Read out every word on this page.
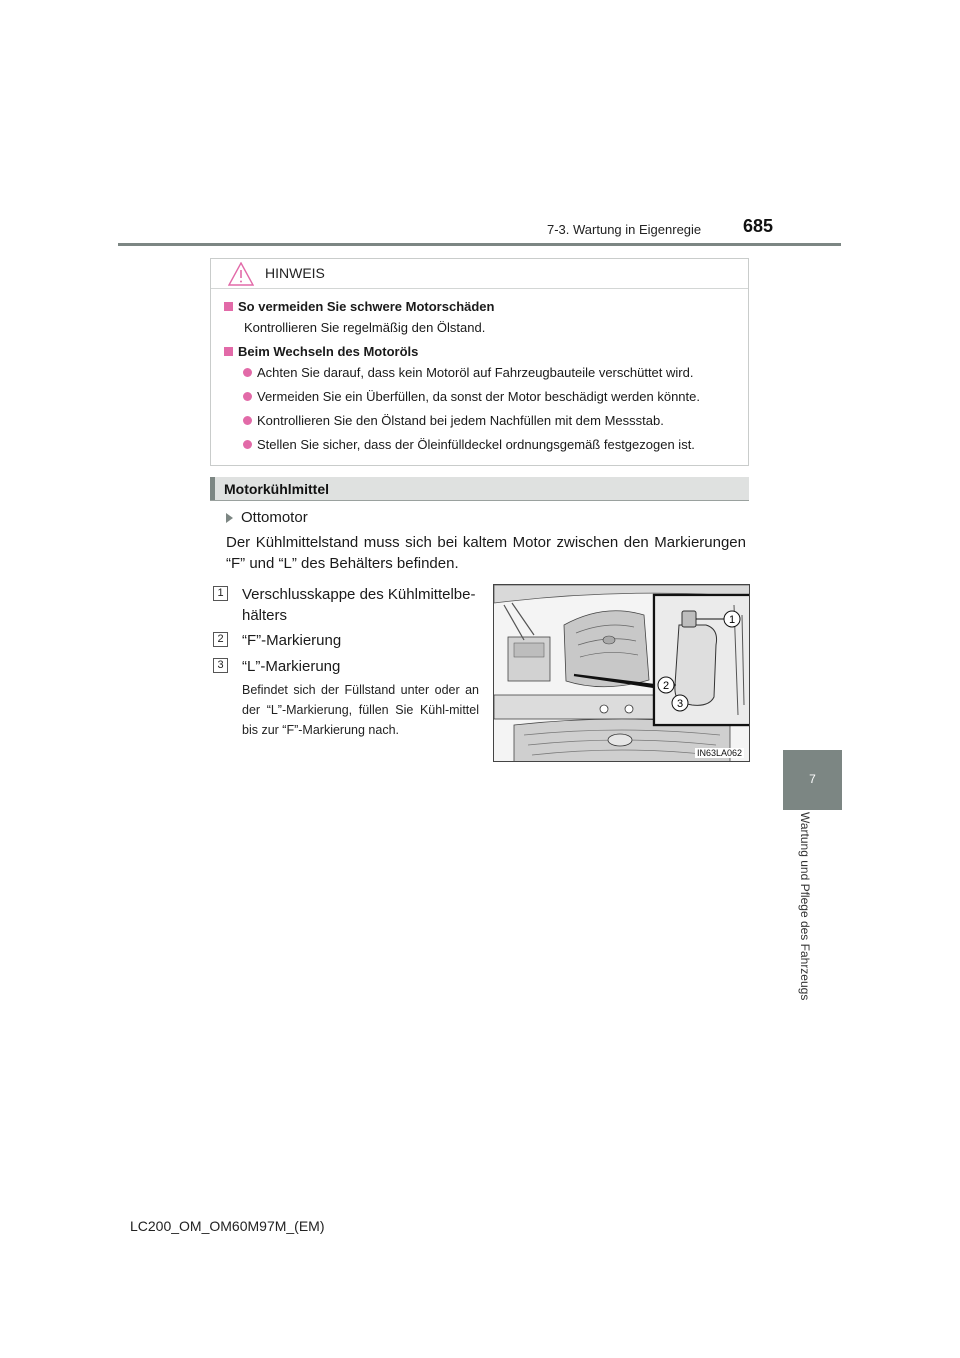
7-3. Wartung in Eigenregie 685
7
Wartung und Pflege des Fahrzeugs
HINWEIS
So vermeiden Sie schwere Motorschäden
Kontrollieren Sie regelmäßig den Ölstand.
Beim Wechseln des Motoröls
Achten Sie darauf, dass kein Motoröl auf Fahrzeugbauteile verschüttet wird.
Vermeiden Sie ein Überfüllen, da sonst der Motor beschädigt werden könnte.
Kontrollieren Sie den Ölstand bei jedem Nachfüllen mit dem Messstab.
Stellen Sie sicher, dass der Öleinfülldeckel ordnungsgemäß festgezogen ist.
Motorkühlmittel
Ottomotor
Der Kühlmittelstand muss sich bei kaltem Motor zwischen den Markierungen “F” und “L” des Behälters befinden.
1 Verschlusskappe des Kühlmittelbe-
hälters
2 “F”-Markierung
3 “L”-Markierung
Befindet sich der Füllstand unter oder an der “L”-Markierung, füllen Sie Kühl-mittel bis zur “F”-Markierung nach.
1
2
3
IN63LA062
LC200_OM_OM60M97M_(EM)
